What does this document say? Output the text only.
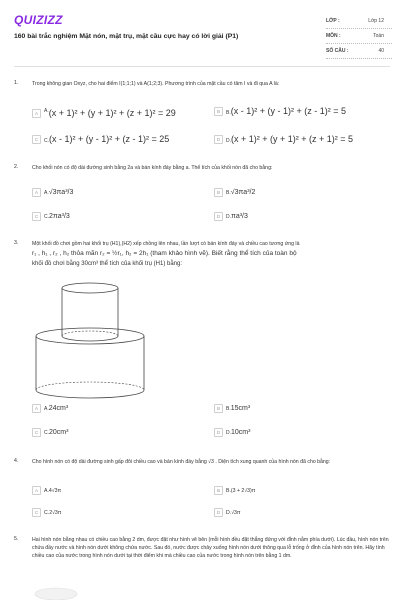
QUIZIZZ
160 bài trắc nghiệm Mặt nón, mặt trụ, mặt cầu cực hay có lời giải (P1)
LỚP :	Lớp 12
MÔN :	Toán
SỐ CÂU :	40
1.	Trong không gian Oxyz, cho hai điểm I(1;1;1) và A(1;2;3). Phương trình của mặt cầu có tâm I và đi qua A là:
A	$^{A.}$(x + 1)² + (y + 1)² + (z + 1)² = 29	B	B.(x - 1)² + (y - 1)² + (z - 1)² = 5
C	C.(x - 1)² + (y - 1)² + (z - 1)² = 25	D	D.(x + 1)² + (y + 1)² + (z + 1)² = 5
2.	Cho khối nón có độ dài đường sinh bằng 2a và bán kính đáy bằng a. Thể tích của khối nón đã cho bằng:
A	A.√3πa³/3	B	B.√3πa³/2
C	C.2πa³/3	D	D.πa³/3
3.	Một khối đồ chơi gồm hai khối trụ (H1),(H2) xếp chồng lên nhau, lần lượt có bán kính đáy và chiều cao tương ứng là
r₁ , h₁ , r₂ , h₂ thỏa mãn r₂ = ½r₁, h₂ = 2h₁ (tham khảo hình vẽ). Biết rằng thể tích của toàn bộ
khối đồ chơi bằng 30cm³ thể tích của khối trụ (H1) bằng:
A	A.24cm³	B	B.15cm³
C	C.20cm³	D	D.10cm³
4.	Cho hình nón có độ dài đường sinh gấp đôi chiều cao và bán kính đáy bằng √3 . Diện tích xung quanh của hình nón đã cho bằng:
A	A.4√3π	B	B.(3 + 2√3)π
C	C.2√3π	D	D.√3π
5.	Hai hình nón bằng nhau có chiều cao bằng 2 dm, được đặt như hình vẽ bên (mỗi hình đều đặt thẳng đứng với đỉnh nằm phía dưới). Lúc đầu, hình nón trên chứa đầy nước và hình nón dưới không chứa nước. Sau đó, nước được chảy xuống hình nón dưới thông qua lỗ trống ở đỉnh của hình nón trên. Hãy tính chiều cao của nước trong hình nón dưới tại thời điểm khi mà chiều cao của nước trong hình nón trên bằng 1 dm.
